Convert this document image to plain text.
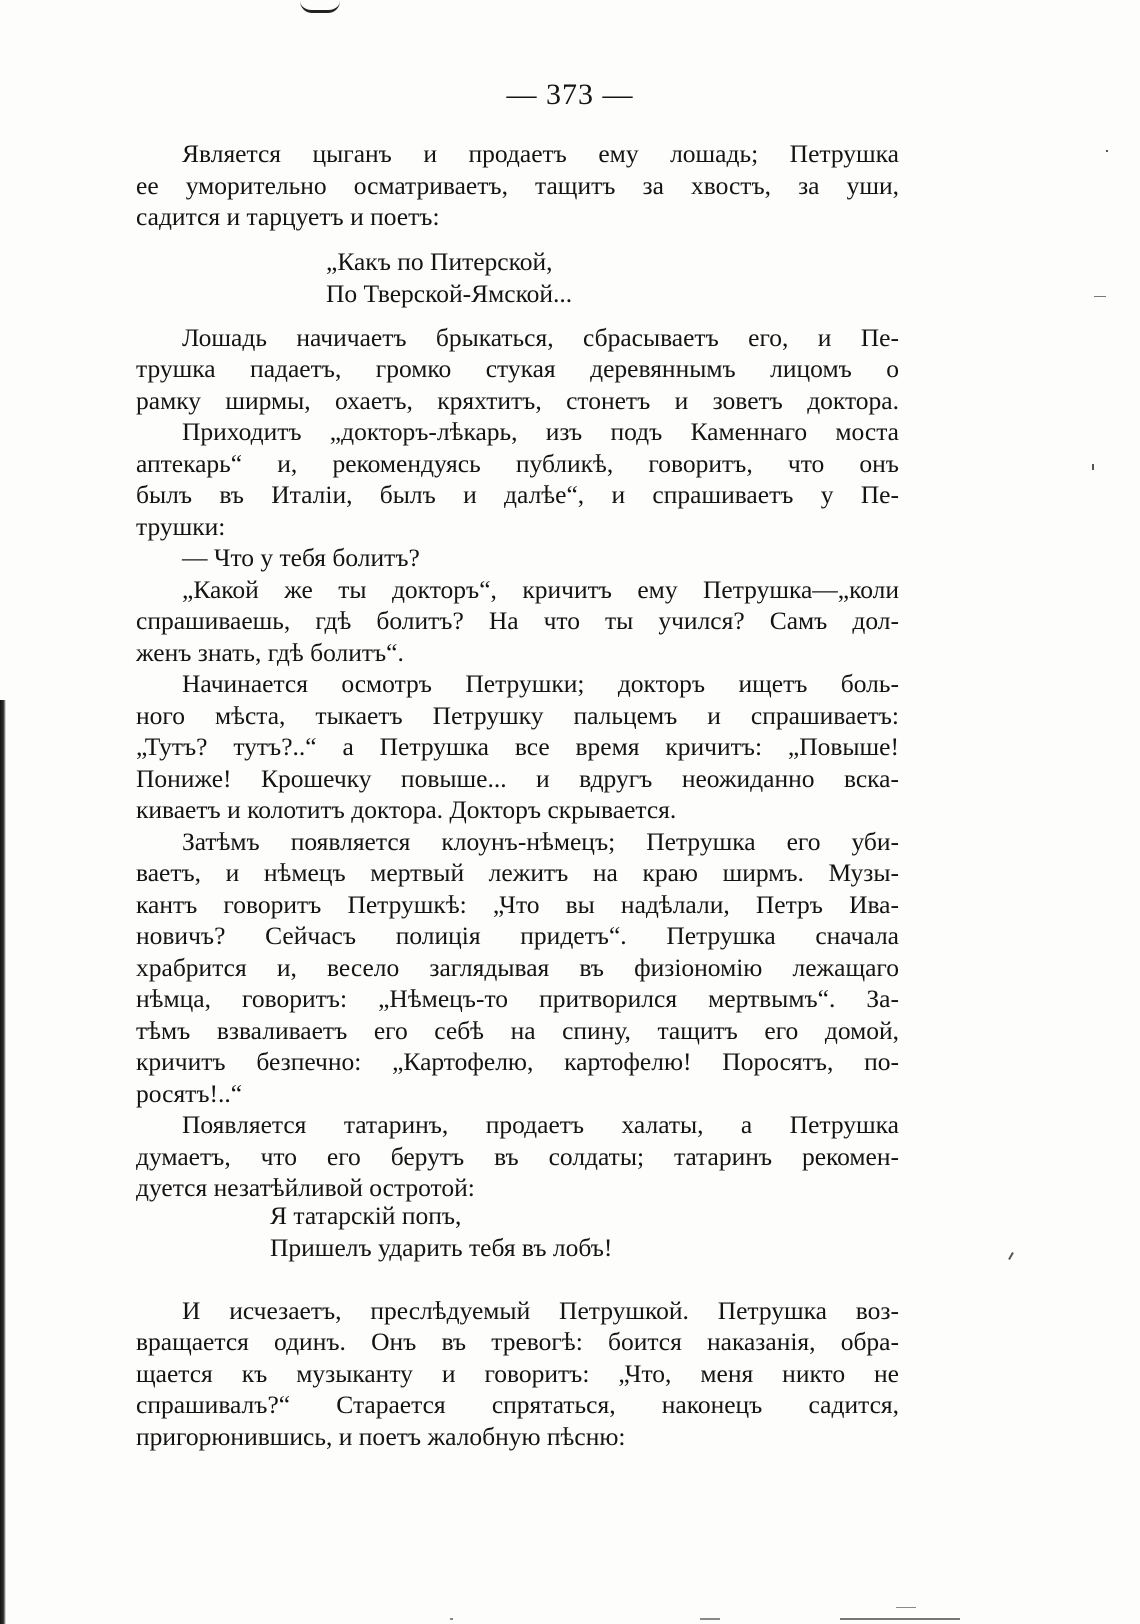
— 373 —
Является цыганъ и продаетъ ему лошадь; Петрушка
ее уморительно осматриваетъ, тащитъ за хвостъ, за уши,
садится и тарцуетъ и поетъ:
Лошадь начичаетъ брыкаться, сбрасываетъ его, и Пе-
трушка падаетъ, громко стукая деревяннымъ лицомъ о
рамку ширмы, охаетъ, кряхтитъ, стонетъ и зоветъ доктора.
Приходитъ „докторъ-лѣкарь, изъ подъ Каменнаго моста
аптекарь“ и, рекомендуясь публикѣ, говоритъ, что онъ
былъ въ Италіи, былъ и далѣе“, и спрашиваетъ у Пе-
трушки:
— Что у тебя болитъ?
„Какой же ты докторъ“, кричитъ ему Петрушка—„коли
спрашиваешь, гдѣ болитъ? На что ты учился? Самъ дол-
женъ знать, гдѣ болитъ“.
Начинается осмотръ Петрушки; докторъ ищетъ боль-
ного мѣста, тыкаетъ Петрушку пальцемъ и спрашиваетъ:
„Тутъ? тутъ?..“ а Петрушка все время кричитъ: „Повыше!
Пониже! Крошечку повыше... и вдругъ неожиданно вска-
киваетъ и колотитъ доктора. Докторъ скрывается.
Затѣмъ появляется клоунъ-нѣмецъ; Петрушка его уби-
ваетъ, и нѣмецъ мертвый лежитъ на краю ширмъ. Музы-
кантъ говоритъ Петрушкѣ: „Что вы надѣлали, Петръ Ива-
новичъ? Сейчасъ полиція придетъ“. Петрушка сначала
храбрится и, весело заглядывая въ физіономію лежащаго
нѣмца, говоритъ: „Нѣмецъ-то притворился мертвымъ“. За-
тѣмъ взваливаетъ его себѣ на спину, тащитъ его домой,
кричитъ безпечно: „Картофелю, картофелю! Поросятъ, по-
росятъ!..“
Появляется татаринъ, продаетъ халаты, а Петрушка
думаетъ, что его берутъ въ солдаты; татаринъ рекомен-
дуется незатѣйливой остротой:
И исчезаетъ, преслѣдуемый Петрушкой. Петрушка воз-
вращается одинъ. Онъ въ тревогѣ: боится наказанія, обра-
щается къ музыканту и говоритъ: „Что, меня никто не
спрашивалъ?“ Старается спрятаться, наконецъ садится,
пригорюнившись, и поетъ жалобную пѣсню:
„Какъ по Питерской,
По Тверской-Ямской...
Я татарскій попъ,
Пришелъ ударить тебя въ лобъ!
